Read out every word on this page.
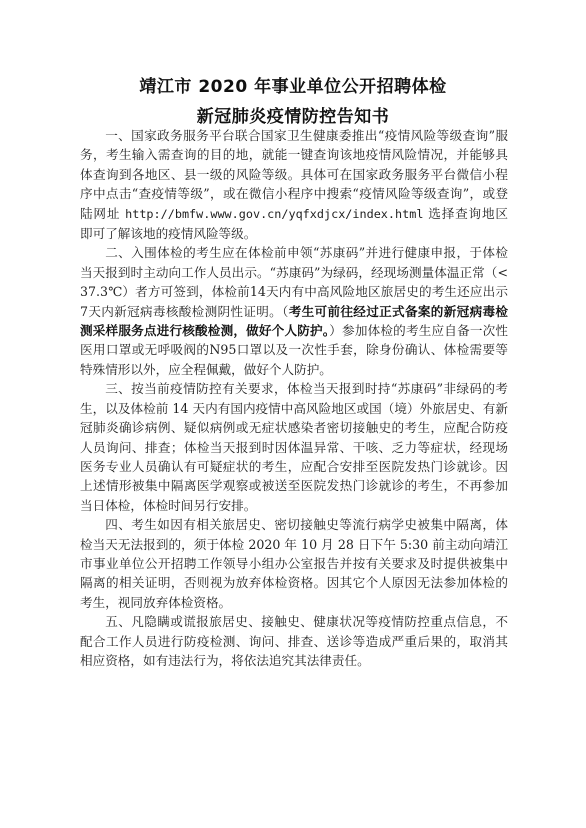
靖江市 2020 年事业单位公开招聘体检
新冠肺炎疫情防控告知书

一、国家政务服务平台联合国家卫生健康委推出“疫情风险等级查询”服务，考生输入需查询的目的地，就能一键查询该地疫情风险情况，并能够具体查询到各地区、县一级的风险等级。具体可在国家政务服务平台微信小程序中点击“查疫情等级”，或在微信小程序中搜索“疫情风险等级查询”，或登陆网址 http://bmfw.www.gov.cn/yqfxdjcx/index.html 选择查询地区即可了解该地的疫情风险等级。

二、入围体检的考生应在体检前申领“苏康码”并进行健康申报，于体检当天报到时主动向工作人员出示。“苏康码”为绿码，经现场测量体温正常（<37.3℃）者方可签到，体检前14天内有中高风险地区旅居史的考生还应出示7天内新冠病毒核酸检测阴性证明。（考生可前往经过正式备案的新冠病毒检测采样服务点进行核酸检测，做好个人防护。）参加体检的考生应自备一次性医用口罩或无呼吸阀的N95口罩以及一次性手套，除身份确认、体检需要等特殊情形以外，应全程佩戴，做好个人防护。

三、按当前疫情防控有关要求，体检当天报到时持“苏康码”非绿码的考生，以及体检前 14 天内有国内疫情中高风险地区或国（境）外旅居史、有新冠肺炎确诊病例、疑似病例或无症状感染者密切接触史的考生，应配合防疫人员询问、排查；体检当天报到时因体温异常、干咳、乏力等症状，经现场医务专业人员确认有可疑症状的考生，应配合安排至医院发热门诊就诊。因上述情形被集中隔离医学观察或被送至医院发热门诊就诊的考生，不再参加当日体检，体检时间另行安排。

四、考生如因有相关旅居史、密切接触史等流行病学史被集中隔离，体检当天无法报到的，须于体检 2020 年 10 月 28 日下午 5:30 前主动向靖江市事业单位公开招聘工作领导小组办公室报告并按有关要求及时提供被集中隔离的相关证明，否则视为放弃体检资格。因其它个人原因无法参加体检的考生，视同放弃体检资格。

五、凡隐瞒或谎报旅居史、接触史、健康状况等疫情防控重点信息，不配合工作人员进行防疫检测、询问、排查、送诊等造成严重后果的，取消其相应资格，如有违法行为，将依法追究其法律责任。
